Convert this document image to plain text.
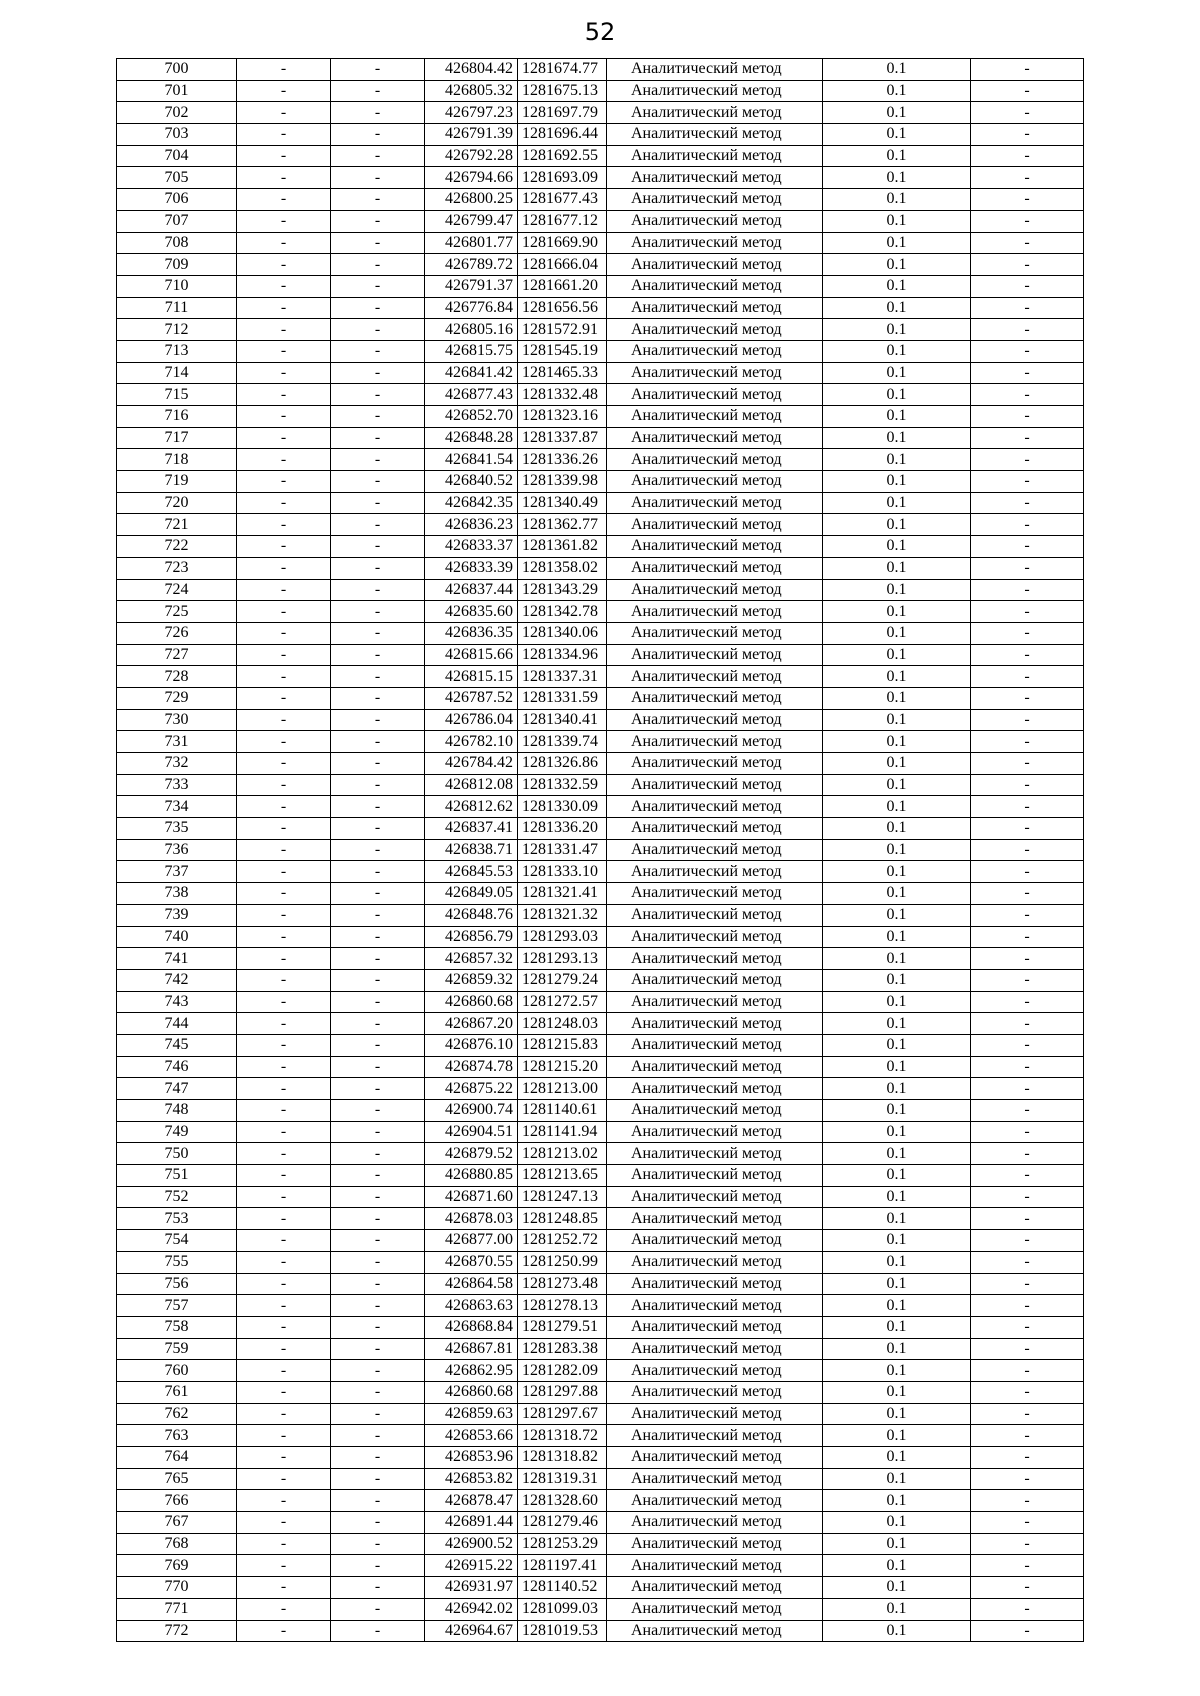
52
700	-	-	426804.42	1281674.77	Аналитический метод	0.1	-
701	-	-	426805.32	1281675.13	Аналитический метод	0.1	-
702	-	-	426797.23	1281697.79	Аналитический метод	0.1	-
703	-	-	426791.39	1281696.44	Аналитический метод	0.1	-
704	-	-	426792.28	1281692.55	Аналитический метод	0.1	-
705	-	-	426794.66	1281693.09	Аналитический метод	0.1	-
706	-	-	426800.25	1281677.43	Аналитический метод	0.1	-
707	-	-	426799.47	1281677.12	Аналитический метод	0.1	-
708	-	-	426801.77	1281669.90	Аналитический метод	0.1	-
709	-	-	426789.72	1281666.04	Аналитический метод	0.1	-
710	-	-	426791.37	1281661.20	Аналитический метод	0.1	-
711	-	-	426776.84	1281656.56	Аналитический метод	0.1	-
712	-	-	426805.16	1281572.91	Аналитический метод	0.1	-
713	-	-	426815.75	1281545.19	Аналитический метод	0.1	-
714	-	-	426841.42	1281465.33	Аналитический метод	0.1	-
715	-	-	426877.43	1281332.48	Аналитический метод	0.1	-
716	-	-	426852.70	1281323.16	Аналитический метод	0.1	-
717	-	-	426848.28	1281337.87	Аналитический метод	0.1	-
718	-	-	426841.54	1281336.26	Аналитический метод	0.1	-
719	-	-	426840.52	1281339.98	Аналитический метод	0.1	-
720	-	-	426842.35	1281340.49	Аналитический метод	0.1	-
721	-	-	426836.23	1281362.77	Аналитический метод	0.1	-
722	-	-	426833.37	1281361.82	Аналитический метод	0.1	-
723	-	-	426833.39	1281358.02	Аналитический метод	0.1	-
724	-	-	426837.44	1281343.29	Аналитический метод	0.1	-
725	-	-	426835.60	1281342.78	Аналитический метод	0.1	-
726	-	-	426836.35	1281340.06	Аналитический метод	0.1	-
727	-	-	426815.66	1281334.96	Аналитический метод	0.1	-
728	-	-	426815.15	1281337.31	Аналитический метод	0.1	-
729	-	-	426787.52	1281331.59	Аналитический метод	0.1	-
730	-	-	426786.04	1281340.41	Аналитический метод	0.1	-
731	-	-	426782.10	1281339.74	Аналитический метод	0.1	-
732	-	-	426784.42	1281326.86	Аналитический метод	0.1	-
733	-	-	426812.08	1281332.59	Аналитический метод	0.1	-
734	-	-	426812.62	1281330.09	Аналитический метод	0.1	-
735	-	-	426837.41	1281336.20	Аналитический метод	0.1	-
736	-	-	426838.71	1281331.47	Аналитический метод	0.1	-
737	-	-	426845.53	1281333.10	Аналитический метод	0.1	-
738	-	-	426849.05	1281321.41	Аналитический метод	0.1	-
739	-	-	426848.76	1281321.32	Аналитический метод	0.1	-
740	-	-	426856.79	1281293.03	Аналитический метод	0.1	-
741	-	-	426857.32	1281293.13	Аналитический метод	0.1	-
742	-	-	426859.32	1281279.24	Аналитический метод	0.1	-
743	-	-	426860.68	1281272.57	Аналитический метод	0.1	-
744	-	-	426867.20	1281248.03	Аналитический метод	0.1	-
745	-	-	426876.10	1281215.83	Аналитический метод	0.1	-
746	-	-	426874.78	1281215.20	Аналитический метод	0.1	-
747	-	-	426875.22	1281213.00	Аналитический метод	0.1	-
748	-	-	426900.74	1281140.61	Аналитический метод	0.1	-
749	-	-	426904.51	1281141.94	Аналитический метод	0.1	-
750	-	-	426879.52	1281213.02	Аналитический метод	0.1	-
751	-	-	426880.85	1281213.65	Аналитический метод	0.1	-
752	-	-	426871.60	1281247.13	Аналитический метод	0.1	-
753	-	-	426878.03	1281248.85	Аналитический метод	0.1	-
754	-	-	426877.00	1281252.72	Аналитический метод	0.1	-
755	-	-	426870.55	1281250.99	Аналитический метод	0.1	-
756	-	-	426864.58	1281273.48	Аналитический метод	0.1	-
757	-	-	426863.63	1281278.13	Аналитический метод	0.1	-
758	-	-	426868.84	1281279.51	Аналитический метод	0.1	-
759	-	-	426867.81	1281283.38	Аналитический метод	0.1	-
760	-	-	426862.95	1281282.09	Аналитический метод	0.1	-
761	-	-	426860.68	1281297.88	Аналитический метод	0.1	-
762	-	-	426859.63	1281297.67	Аналитический метод	0.1	-
763	-	-	426853.66	1281318.72	Аналитический метод	0.1	-
764	-	-	426853.96	1281318.82	Аналитический метод	0.1	-
765	-	-	426853.82	1281319.31	Аналитический метод	0.1	-
766	-	-	426878.47	1281328.60	Аналитический метод	0.1	-
767	-	-	426891.44	1281279.46	Аналитический метод	0.1	-
768	-	-	426900.52	1281253.29	Аналитический метод	0.1	-
769	-	-	426915.22	1281197.41	Аналитический метод	0.1	-
770	-	-	426931.97	1281140.52	Аналитический метод	0.1	-
771	-	-	426942.02	1281099.03	Аналитический метод	0.1	-
772	-	-	426964.67	1281019.53	Аналитический метод	0.1	-
